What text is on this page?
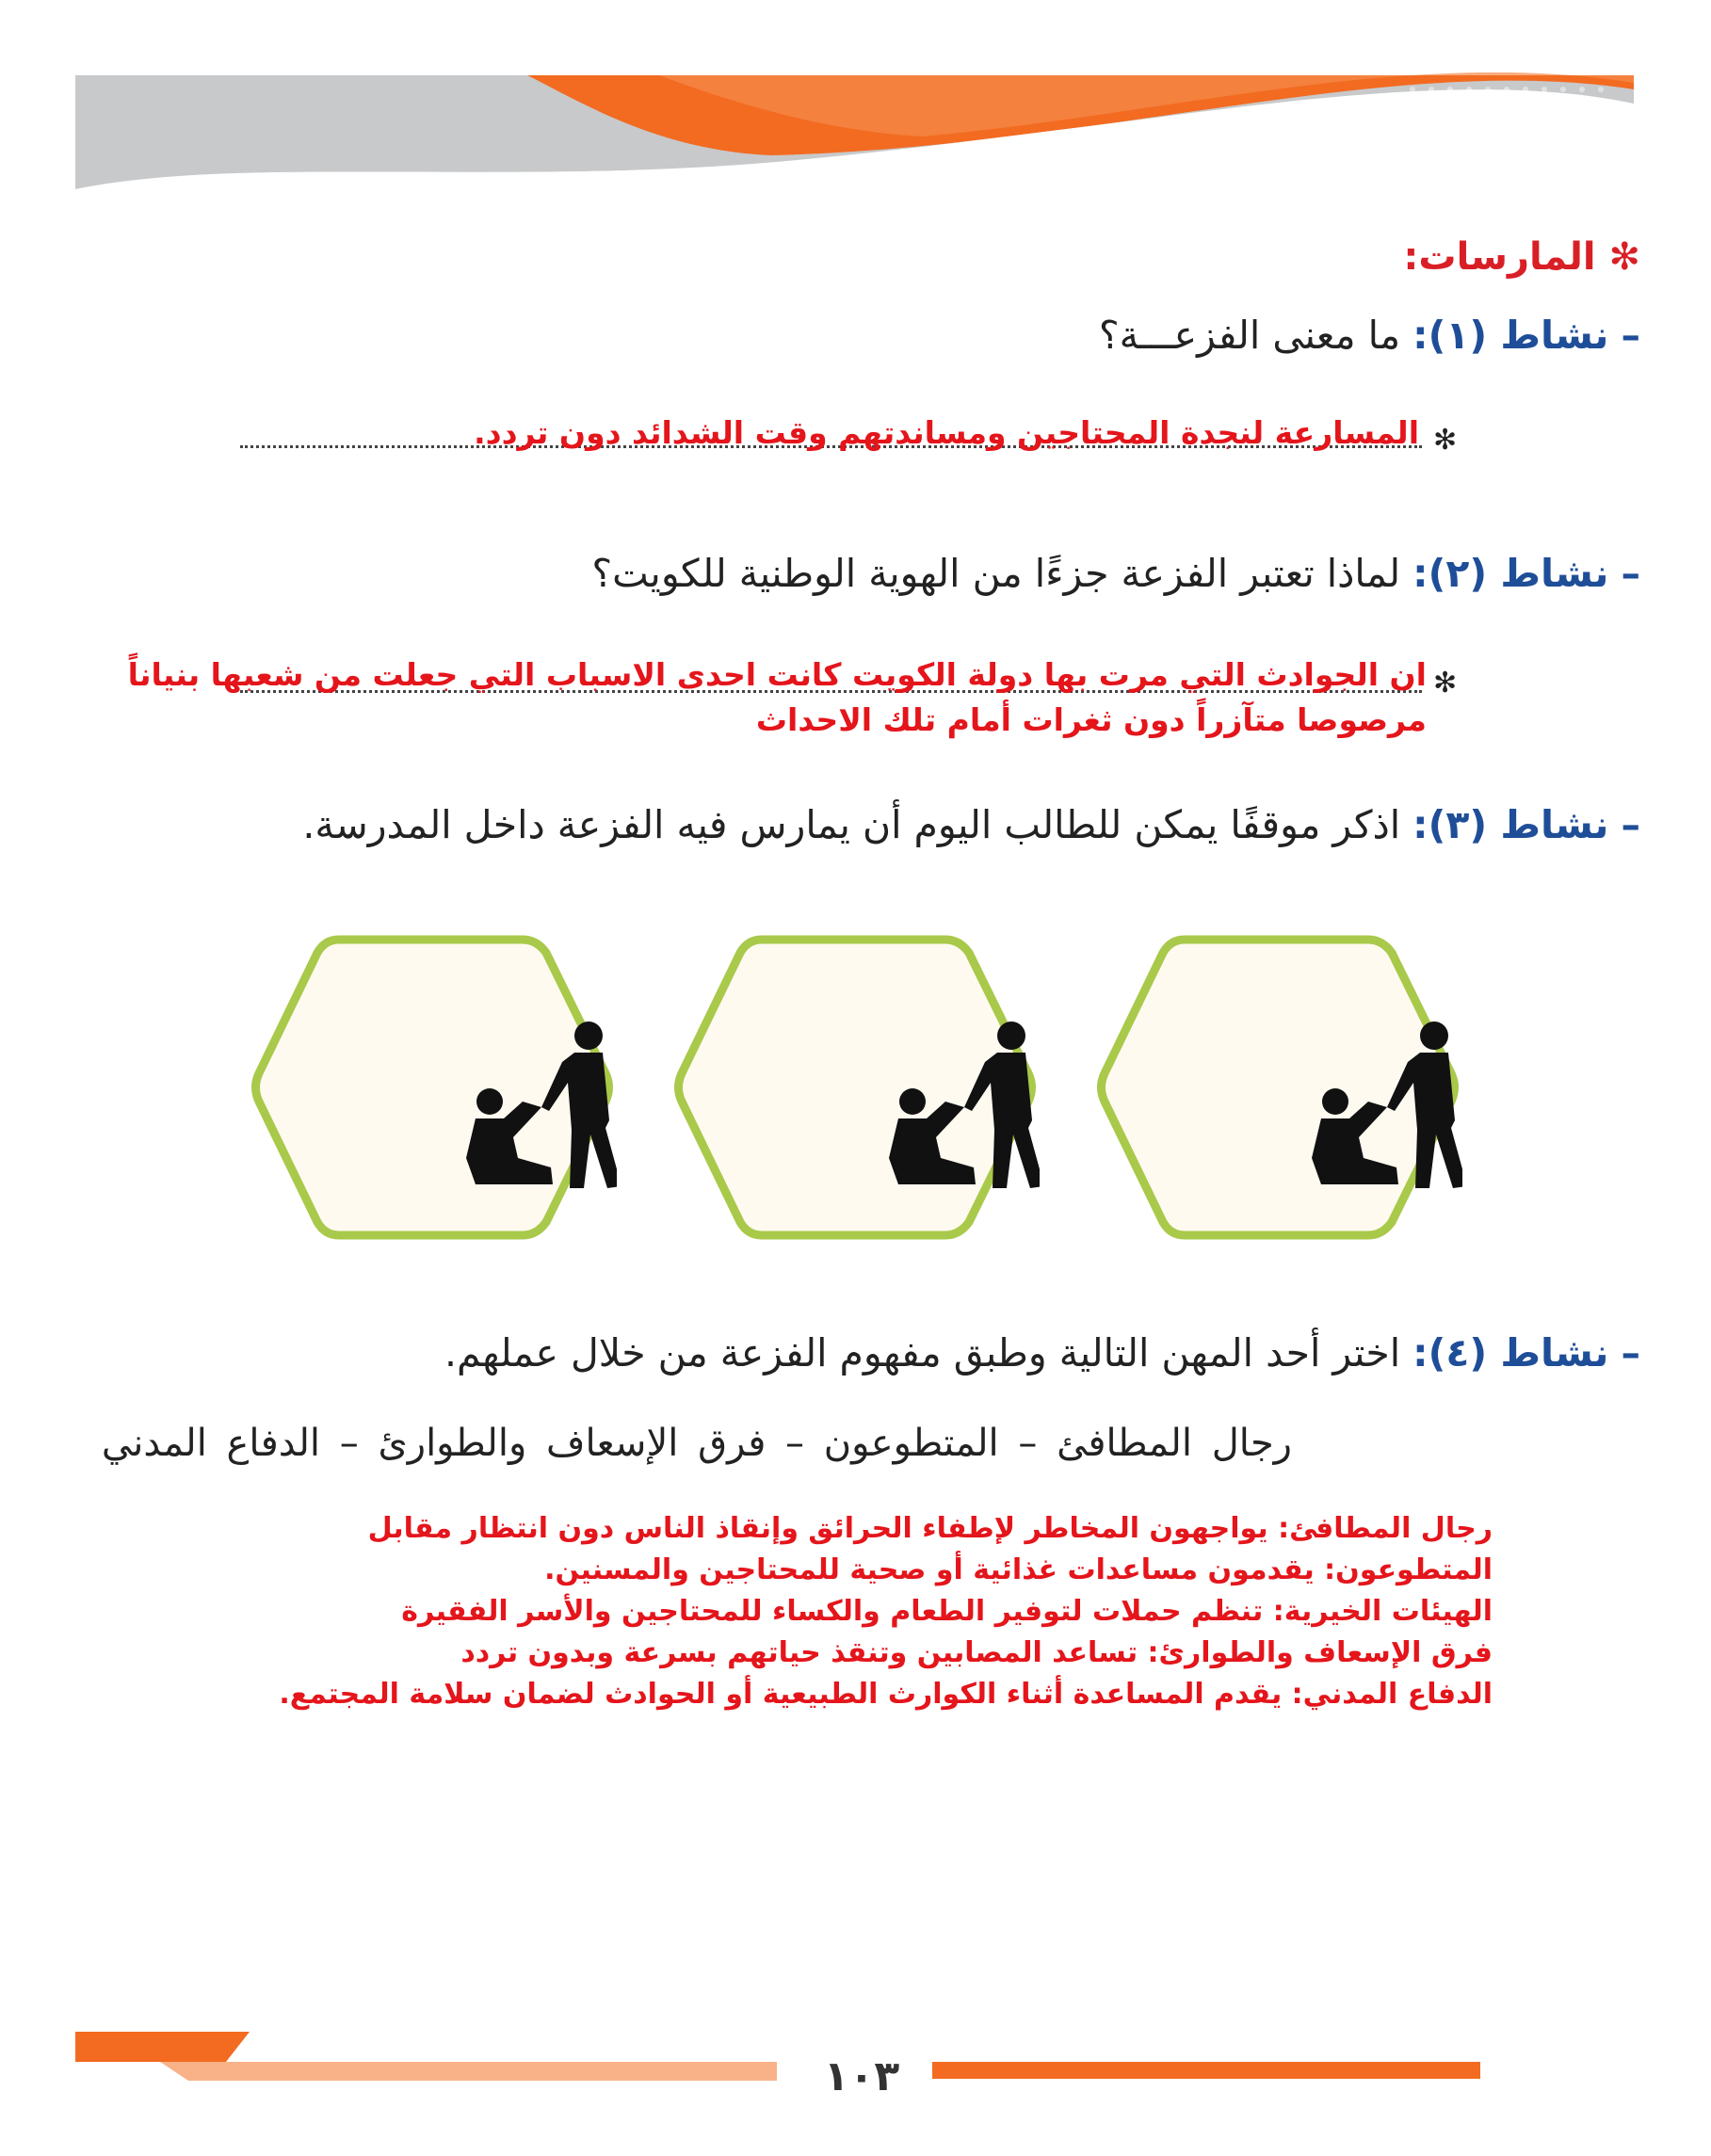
✻ المارسات:
– نشاط (١): ما معنى الفزعـــة؟
✻
المسارعة لنجدة المحتاجين ومساندتهم وقت الشدائد دون تردد.
– نشاط (٢): لماذا تعتبر الفزعة جزءًا من الهوية الوطنية للكويت؟
✻
ان الجوادث التي مرت بها دولة الكويت كانت احدى الاسباب التي جعلت من شعبها بنياناً
مرصوصا متآزراً دون ثغرات أمام تلك الاحداث
– نشاط (٣): اذكر موقفًا يمكن للطالب اليوم أن يمارس فيه الفزعة داخل المدرسة.
– نشاط (٤): اختر أحد المهن التالية وطبق مفهوم الفزعة من خلال عملهم.
رجال المطافئ – المتطوعون – فرق الإسعاف والطوارئ – الدفاع المدني
رجال المطافئ: يواجهون المخاطر لإطفاء الحرائق وإنقاذ الناس دون انتظار مقابل
المتطوعون: يقدمون مساعدات غذائية أو صحية للمحتاجين والمسنين.
الهيئات الخيرية: تنظم حملات لتوفير الطعام والكساء للمحتاجين والأسر الفقيرة
فرق الإسعاف والطوارئ: تساعد المصابين وتنقذ حياتهم بسرعة وبدون تردد
الدفاع المدني: يقدم المساعدة أثناء الكوارث الطبيعية أو الحوادث لضمان سلامة المجتمع.
١٠٣
